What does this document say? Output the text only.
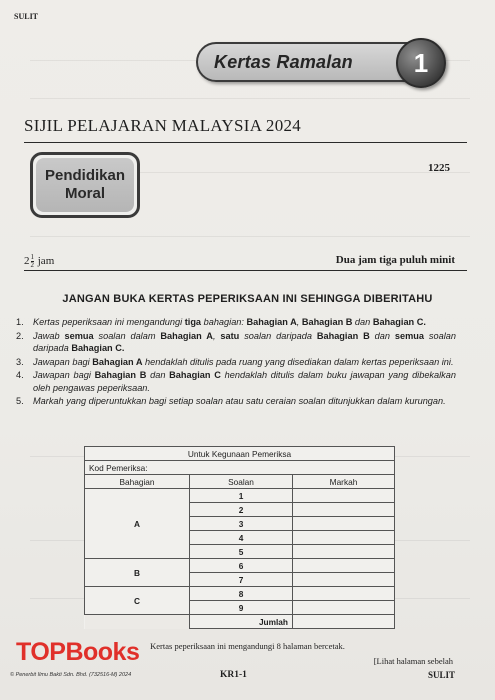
SULIT
Kertas Ramalan	1
SIJIL PELAJARAN MALAYSIA 2024
Pendidikan
Moral
1225
$2 \frac{1}{2}$ jam	Dua jam tiga puluh minit
JANGAN BUKA KERTAS PEPERIKSAAN INI SEHINGGA DIBERITAHU
1. Kertas peperiksaan ini mengandungi tiga bahagian: Bahagian A, Bahagian B dan Bahagian C.
2. Jawab semua soalan dalam Bahagian A, satu soalan daripada Bahagian B dan semua soalan daripada Bahagian C.
3. Jawapan bagi Bahagian A hendaklah ditulis pada ruang yang disediakan dalam kertas peperiksaan ini.
4. Jawapan bagi Bahagian B dan Bahagian C hendaklah ditulis dalam buku jawapan yang dibekalkan oleh pengawas peperiksaan.
5. Markah yang diperuntukkan bagi setiap soalan atau satu ceraian soalan ditunjukkan dalam kurungan.
Untuk Kegunaan Pemeriksa		
Kod Pemeriksa:		
Bahagian	Soalan	Markah
A	1	
	2	
	3	
	4	
	5	
B	6	
	7	
C	8	
	9	
	Jumlah	
TOPBooks
© Penerbit Ilmu Bakti Sdn. Bhd. (732516-M) 2024
Kertas peperiksaan ini mengandungi 8 halaman bercetak.
[Lihat halaman sebelah
KR1-1	SULIT
